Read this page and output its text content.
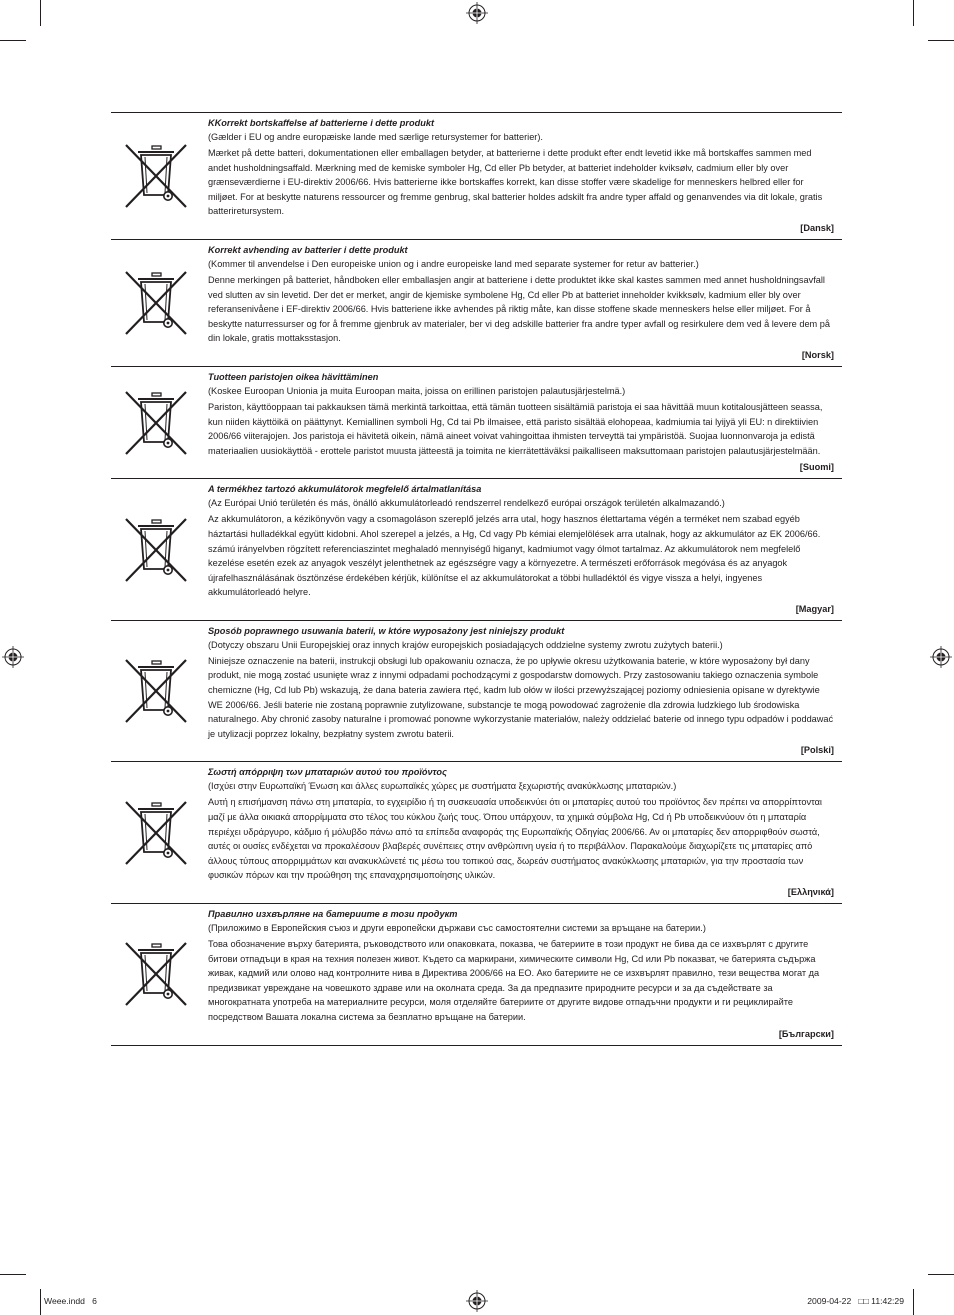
KKorrekt bortskaffelse af batterierne i dette produkt

(Gælder i EU og andre europæiske lande med særlige retursystemer for batterier).

Mærket på dette batteri, dokumentationen eller emballagen betyder, at batterierne i dette produkt efter endt levetid ikke må bortskaffes sammen med andet husholdningsaffald. Mærkning med de kemiske symboler Hg, Cd eller Pb betyder, at batteriet indeholder kviksølv, cadmium eller bly over grænseværdierne i EU-direktiv 2006/66. Hvis batterierne ikke bortskaffes korrekt, kan disse stoffer være skadelige for menneskers helbred eller for miljøet. For at beskytte naturens ressourcer og fremme genbrug, skal batterier holdes adskilt fra andre typer affald og genanvendes via dit lokale, gratis batteriretursystem.

[Dansk]

Korrekt avhending av batterier i dette produkt

(Kommer til anvendelse i Den europeiske union og i andre europeiske land med separate systemer for retur av batterier.)

Denne merkingen på batteriet, håndboken eller emballasjen angir at batteriene i dette produktet ikke skal kastes sammen med annet husholdningsavfall ved slutten av sin levetid. Der det er merket, angir de kjemiske symbolene Hg, Cd eller Pb at batteriet inneholder kvikksølv, kadmium eller bly over referansenivåene i EF-direktiv 2006/66. Hvis batteriene ikke avhendes på riktig måte, kan disse stoffene skade menneskers helse eller miljøet. For å beskytte naturressurser og for å fremme gjenbruk av materialer, ber vi deg adskille batterier fra andre typer avfall og resirkulere dem ved å levere dem på din lokale, gratis mottaksstasjon.

[Norsk]

Tuotteen paristojen oikea hävittäminen

(Koskee Euroopan Unionia ja muita Euroopan maita, joissa on erillinen paristojen palautusjärjestelmä.)

Pariston, käyttöoppaan tai pakkauksen tämä merkintä tarkoittaa, että tämän tuotteen sisältämiä paristoja ei saa hävittää muun kotitalousjätteen seassa, kun niiden käyttöikä on päättynyt. Kemiallinen symboli Hg, Cd tai Pb ilmaisee, että paristo sisältää elohopeaa, kadmiumia tai lyijyä yli EU: n direktiivien 2006/66 viiterajojen. Jos paristoja ei hävitetä oikein, nämä aineet voivat vahingoittaa ihmisten terveyttä tai ympäristöä. Suojaa luonnonvaroja ja edistä materiaalien uusiokäyttöä - erottele paristot muusta jätteestä ja toimita ne kierrätettäväksi paikalliseen maksuttomaan paristojen palautusjärjestelmään.

[Suomi]

A termékhez tartozó akkumulátorok megfelelő ártalmatlanítása

(Az Európai Unió területén és más, önálló akkumulátorleadó rendszerrel rendelkező európai országok területén alkalmazandó.)

Az akkumulátoron, a kézikönyvön vagy a csomagoláson szereplő jelzés arra utal, hogy hasznos élettartama végén a terméket nem szabad egyéb háztartási hulladékkal együtt kidobni. Ahol szerepel a jelzés, a Hg, Cd vagy Pb kémiai elemjelölések arra utalnak, hogy az akkumulátor az EK 2006/66. számú irányelvben rögzített referenciaszintet meghaladó mennyiségű higanyt, kadmiumot vagy ólmot tartalmaz. Az akkumulátorok nem megfelelő kezelése esetén ezek az anyagok veszélyt jelenthetnek az egészségre vagy a környezetre. A természeti erőforrások megóvása és az anyagok újrafelhasználásának ösztönzése érdekében kérjük, különítse el az akkumulátorokat a többi hulladéktól és vigye vissza a helyi, ingyenes akkumulátorleadó helyre.

[Magyar]

Sposób poprawnego usuwania baterii, w które wyposażony jest niniejszy produkt

(Dotyczy obszaru Unii Europejskiej oraz innych krajów europejskich posiadających oddzielne systemy zwrotu zużytych baterii.)

Niniejsze oznaczenie na baterii, instrukcji obsługi lub opakowaniu oznacza, że po upływie okresu użytkowania baterie, w które wyposażony był dany produkt, nie mogą zostać usunięte wraz z innymi odpadami pochodzącymi z gospodarstw domowych. Przy zastosowaniu takiego oznaczenia symbole chemiczne (Hg, Cd lub Pb) wskazują, że dana bateria zawiera rtęć, kadm lub ołów w ilości przewyższającej poziomy odniesienia opisane w dyrektywie WE 2006/66. Jeśli baterie nie zostaną poprawnie zutylizowane, substancje te mogą powodować zagrożenie dla zdrowia ludzkiego lub środowiska naturalnego. Aby chronić zasoby naturalne i promować ponowne wykorzystanie materiałów, należy oddzielać baterie od innego typu odpadów i poddawać je utylizacji poprzez lokalny, bezpłatny system zwrotu baterii.

[Polski]

Σωστή απόρριψη των μπαταριών αυτού του προϊόντος

(Ισχύει στην Ευρωπαϊκή Ένωση και άλλες ευρωπαϊκές χώρες με συστήματα ξεχωριστής ανακύκλωσης μπαταριών.)

Αυτή η επισήμανση πάνω στη μπαταρία, το εγχειρίδιο ή τη συσκευασία υποδεικνύει ότι οι μπαταρίες αυτού του προϊόντος δεν πρέπει να απορρίπτονται μαζί με άλλα οικιακά απορρίμματα στο τέλος του κύκλου ζωής τους. Όπου υπάρχουν, τα χημικά σύμβολα Hg, Cd ή Pb υποδεικνύουν ότι η μπαταρία περιέχει υδράργυρο, κάδμιο ή μόλυβδο πάνω από τα επίπεδα αναφοράς της Ευρωπαϊκής Οδηγίας 2006/66. Αν οι μπαταρίες δεν απορριφθούν σωστά, αυτές οι ουσίες ενδέχεται να προκαλέσουν βλαβερές συνέπειες στην ανθρώπινη υγεία ή το περιβάλλον. Παρακαλούμε διαχωρίζετε τις μπαταρίες από άλλους τύπους απορριμμάτων και ανακυκλώνετέ τις μέσω του τοπικού σας, δωρεάν συστήματος ανακύκλωσης μπαταριών, για την προστασία των φυσικών πόρων και την προώθηση της επαναχρησιμοποίησης υλικών.

[Ελληνικά]

Правилно изхвърляне на батериите в този продукт

(Приложимо в Европейския съюз и други европейски държави със самостоятелни системи за връщане на батерии.)

Това обозначение върху батерията, ръководството или опаковката, показва, че батериите в този продукт не бива да се изхвърлят с другите битови отпадъци в края на техния полезен живот. Където са маркирани, химическите символи Hg, Cd или Pb показват, че батерията съдържа живак, кадмий или олово над контролните нива в Директива 2006/66 на ЕО. Ако батериите не се изхвърлят правилно, тези вещества могат да предизвикат увреждане на човешкото здраве или на околната среда. За да предпазите природните ресурси и за да съдействате за многократната употреба на материалните ресурси, моля отделяйте батериите от другите видове отпадъчни продукти и ги рециклирайте посредством Вашата локална система за безплатно връщане на батерии.

[Български]

Weee.indd   6	2009-04-22   □□ 11:42:29
